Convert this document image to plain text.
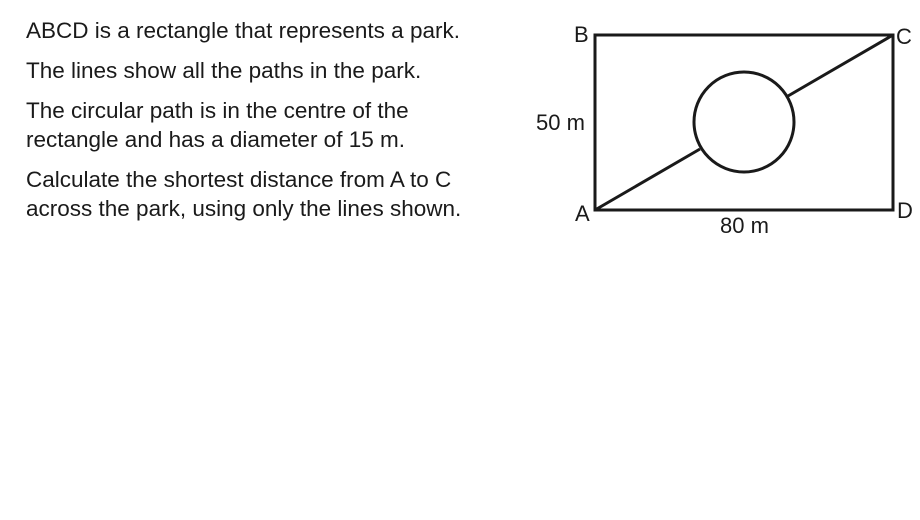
ABCD is a rectangle that represents a park.

The lines show all the paths in the park.

The circular path is in the centre of the rectangle and has a diameter of 15 m.

Calculate the shortest distance from A to C across the park, using only the lines shown.

B	C
A	D
50 m
80 m
